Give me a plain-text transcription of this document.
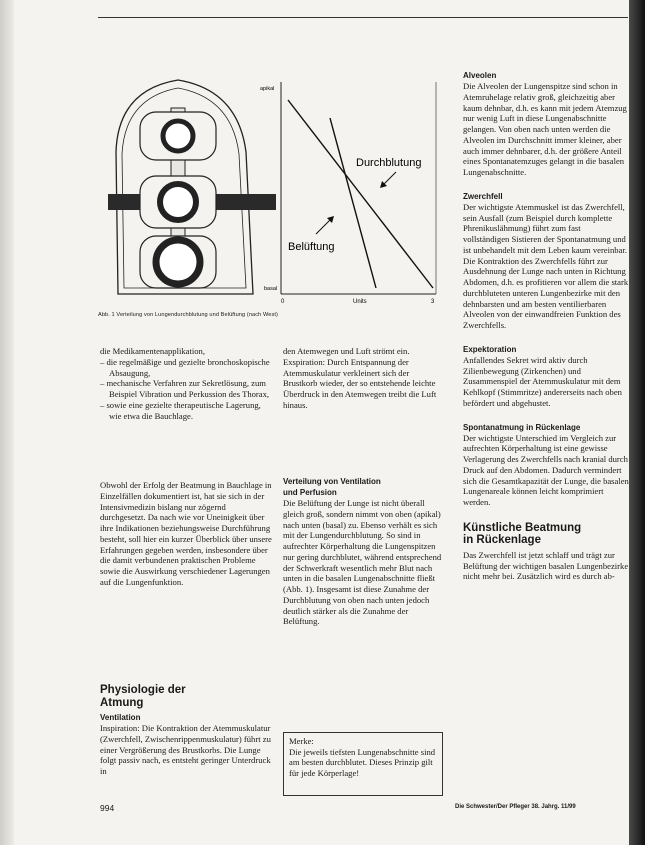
apikal
basal
Durchblutung
Belüftung
0	Units	3
Abb. 1 Verteilung von Lungendurchblutung und Belüftung (nach West)
die Medikamentenapplikation,
– die regelmäßige und gezielte bronchoskopische Absaugung,
– mechanische Verfahren zur Sekretlösung, zum Beispiel Vibration und Perkussion des Thorax,
– sowie eine gezielte therapeutische Lagerung, wie etwa die Bauchlage.

Obwohl der Erfolg der Beatmung in Bauchlage in Einzelfällen dokumentiert ist, hat sie sich in der Intensivmedizin bislang nur zögernd durchgesetzt. Da nach wie vor Uneinigkeit über ihre Indikationen beziehungsweise Durchführung besteht, soll hier ein kurzer Überblick über unsere Erfahrungen gegeben werden, insbesondere über die damit verbundenen praktischen Probleme sowie die Auswirkung verschiedener Lagerungen auf die Lungenfunktion.

Physiologie der

Atmung

Ventilation

Inspiration: Die Kontraktion der Atemmuskulatur (Zwerchfell, Zwischenrippenmuskulatur) führt zu einer Vergrößerung des Brustkorbs. Die Lunge folgt passiv nach, es entsteht geringer Unterdruck in

den Atemwegen und Luft strömt ein. Exspiration: Durch Entspannung der Atemmuskulatur verkleinert sich der Brustkorb wieder, der so entstehende leichte Überdruck in den Atemwegen treibt die Luft hinaus.

Verteilung von Ventilation

und Perfusion

Die Belüftung der Lunge ist nicht überall gleich groß, sondern nimmt von oben (apikal) nach unten (basal) zu. Ebenso verhält es sich mit der Lungendurchblutung. So sind in aufrechter Körperhaltung die Lungenspitzen nur gering durchblutet, während entsprechend der Schwerkraft wesentlich mehr Blut nach unten in die basalen Lungenabschnitte fließt (Abb. 1). Insgesamt ist diese Zunahme der Durchblutung von oben nach unten jedoch deutlich stärker als die Zunahme der Belüftung.

Merke:
Die jeweils tiefsten Lungenabschnitte sind am besten durchblutet. Dieses Prinzip gilt für jede Körperlage!

Alveolen

Die Alveolen der Lungenspitze sind schon in Atemruhelage relativ groß, gleichzeitig aber kaum dehnbar, d.h. es kann mit jedem Atemzug nur wenig Luft in diese Lungenabschnitte gelangen. Von oben nach unten werden die Alveolen im Durchschnitt immer kleiner, aber auch immer dehnbarer, d.h. der größere Anteil eines Spontanatemzuges gelangt in die basalen Lungenabschnitte.

Zwerchfell

Der wichtigste Atemmuskel ist das Zwerchfell, sein Ausfall (zum Beispiel durch komplette Phrenikuslähmung) führt zum fast vollständigen Sistieren der Spontanatmung und ist unbehandelt mit dem Leben kaum vereinbar. Die Kontraktion des Zwerchfells führt zur Ausdehnung der Lunge nach unten in Richtung Abdomen, d.h. es profitieren vor allem die stark durchbluteten unteren Lungenbezirke mit den dehnbarsten und am besten ventilierbaren Alveolen von der einwandfreien Funktion des Zwerchfells.

Expektoration

Anfallendes Sekret wird aktiv durch Zilienbewegung (Zirkenchen) und Zusammenspiel der Atemmuskulatur mit dem Kehlkopf (Stimmritze) andererseits nach oben befördert und abgehustet.

Spontanatmung in Rückenlage

Der wichtigste Unterschied im Vergleich zur aufrechten Körperhaltung ist eine gewisse Verlagerung des Zwerchfells nach kranial durch Druck auf den Abdomen. Dadurch vermindert sich die Gesamtkapazität der Lunge, die basalen Lungenareale können leicht komprimiert werden.

Künstliche Beatmung

in Rückenlage

Das Zwerchfell ist jetzt schlaff und trägt zur Belüftung der wichtigen basalen Lungenbezirke nicht mehr bei. Zusätzlich wird es durch ab-

994	Die Schwester/Der Pfleger 38. Jahrg. 11/99
